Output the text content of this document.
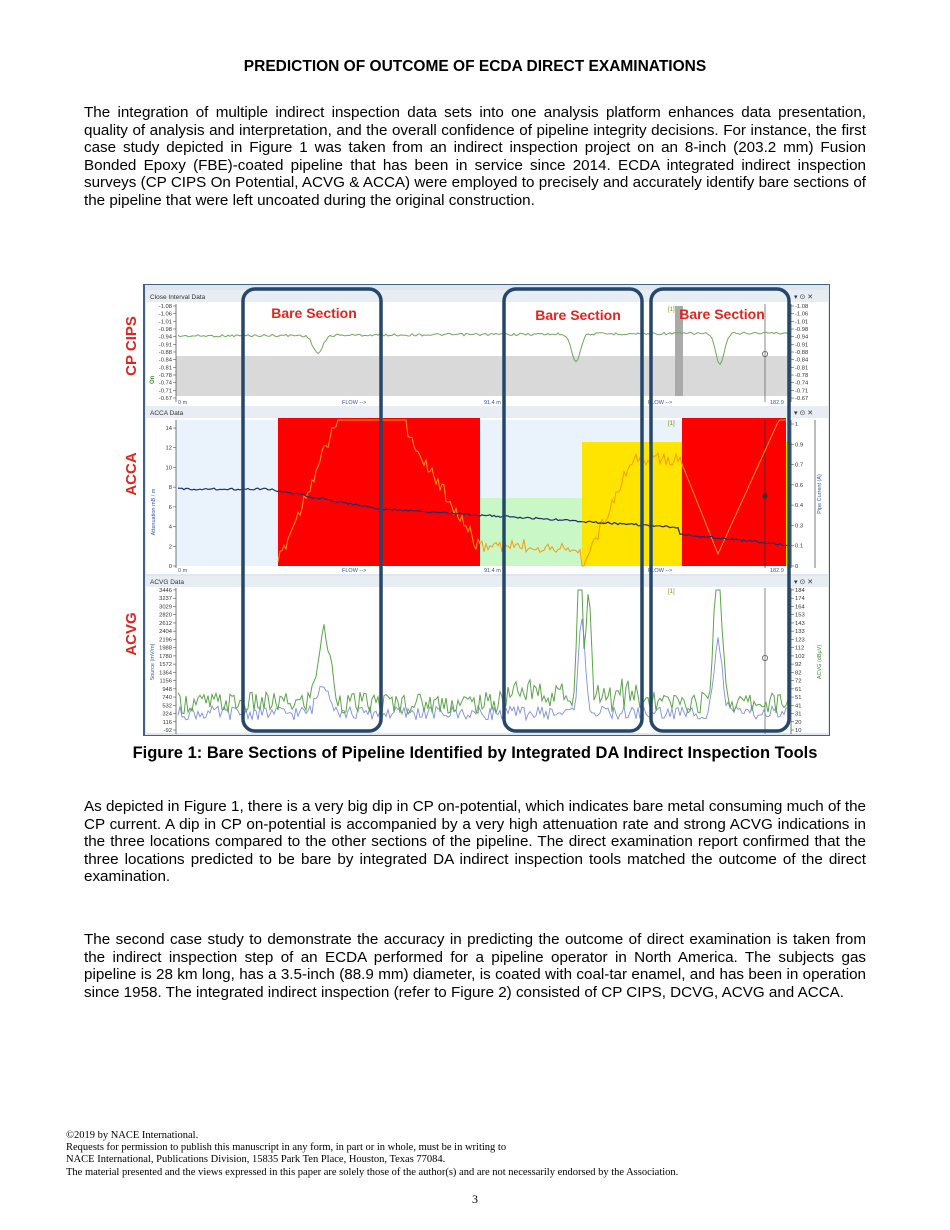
PREDICTION OF OUTCOME OF ECDA DIRECT EXAMINATIONS

The integration of multiple indirect inspection data sets into one analysis platform enhances data presentation, quality of analysis and interpretation, and the overall confidence of pipeline integrity decisions. For instance, the first case study depicted in Figure 1 was taken from an indirect inspection project on an 8-inch (203.2 mm) Fusion Bonded Epoxy (FBE)-coated pipeline that has been in service since 2014. ECDA integrated indirect inspection surveys (CP CIPS On Potential, ACVG & ACCA) were employed to precisely and accurately identify bare sections of the pipeline that were left uncoated during the original construction.

CP CIPS
ACCA
ACVG
Close Interval Data	▾ ⊙ ✕
[1]
On
-1.08
-1.06
-1.01
-0.98
-0.94
-0.91
-0.88
-0.84
-0.81
-0.78
-0.74
-0.71
-0.67
-1.08
-1.06
-1.01
-0.98
-0.94
-0.91
-0.88
-0.84
-0.81
-0.78
-0.74
-0.71
-0.67
0 m	FLOW -->	91.4 m	FLOW -->	182.9
ACCA Data	▾ ⊙ ✕
[1]
Attenuation mB / m	Pipe Current (A)
14
12
10
8
6
4
2
0
1
0.9
0.7
0.6
0.4
0.3
0.1
0
0 m	FLOW -->	91.4 m	FLOW -->	182.9
ACVG Data	▾ ⊙ ✕
[1]
Source (mV/m)	ACVG (dBµV)
3446
3237
3029
2820
2612
2404
2196
1988
1780
1572
1364
1156
948
740
532
324
116
-92
184
174
164
153
143
133
123
112
102
92
82
72
61
51
41
31
20
10
Bare Section	Bare Section	Bare Section
Figure 1: Bare Sections of Pipeline Identified by Integrated DA Indirect Inspection Tools

As depicted in Figure 1, there is a very big dip in CP on-potential, which indicates bare metal consuming much of the CP current. A dip in CP on-potential is accompanied by a very high attenuation rate and strong ACVG indications in the three locations compared to the other sections of the pipeline. The direct examination report confirmed that the three locations predicted to be bare by integrated DA indirect inspection tools matched the outcome of the direct examination.

The second case study to demonstrate the accuracy in predicting the outcome of direct examination is taken from the indirect inspection step of an ECDA performed for a pipeline operator in North America. The subjects gas pipeline is 28 km long, has a 3.5-inch (88.9 mm) diameter, is coated with coal-tar enamel, and has been in operation since 1958. The integrated indirect inspection (refer to Figure 2) consisted of CP CIPS, DCVG, ACVG and ACCA.

©2019 by NACE International.
Requests for permission to publish this manuscript in any form, in part or in whole, must be in writing to
NACE International, Publications Division, 15835 Park Ten Place, Houston, Texas 77084.
The material presented and the views expressed in this paper are solely those of the author(s) and are not necessarily endorsed by the Association.
3
